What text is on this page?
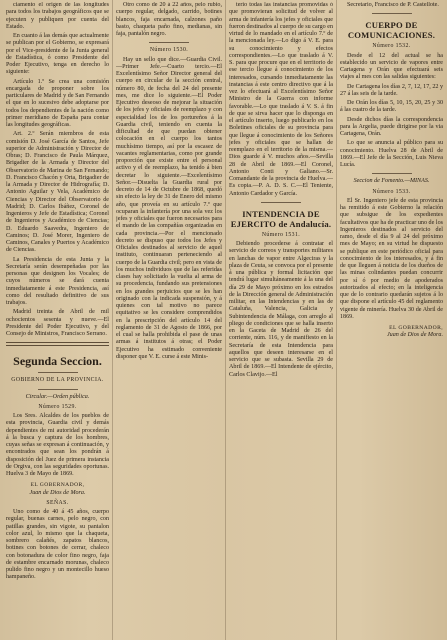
ciamento el origen de las longitudes para todos los trabajos geográficos que se ejecuten y publiquen por cuenta del Estado.

En cuanto á las demás que actualmente se publican por el Gobierno, se expresará por el Vice-presidente de la Junta general de Estadística, ó como Presidente del Poder Ejecutivo, tenga en derecho lo siguiente:

Artículo 1.º Se crea una comisión encargada de proponer sobre los particulares de Madrid y de San Fernando el que en lo sucesivo debe adoptarse por todos los dependientes de la nación como primer meridiano de España para contar las longitudes geográficas.

Art. 2.º Serán miembros de esta comisión D. José García de Santos, Jefe superior de Administración y Director de Obras; D. Francisco de Paula Márquez, Brigadier de la Armada y Director del Observatorio de Marina de San Fernando; D. Francisco Chacón y Orta, Brigadier de la Armada y Director de Hidrografía; D. Antonio Aguilar y Vela, Académico de Ciencias y Director del Observatorio de Madrid; D. Carlos Ibáñez, Coronel de Ingenieros y Jefe de Estadística; Coronel de Ingenieros y Académico de Ciencias; D. Eduardo Saavedra, Ingeniero de Caminos; D. José Morer, Ingeniero de Caminos, Canales y Puertos y Académico de Ciencias.

La Presidencia de esta Junta y la Secretaría serán desempeñadas por las personas que designen los Vocales; de cuyos números se dará cuenta inmediatamente á este Presidencia, así como del resultado definitivo de sus trabajos.

Madrid treinta de Abril de mil ochocientos sesenta y nueve.—El Presidente del Poder Ejecutivo, y del Consejo de Ministros, Francisco Serrano.

Segunda Seccion.
GOBIERNO DE LA PROVINCIA.
Circular.—Orden pública.
Número 1529.

Los Sres. Alcaldes de los pueblos de esta provincia, Guardia civil y demás dependientes de mi autoridad procederán á la busca y captura de los hombres, cuyas señas se expresan á continuación, y encontrados que sean los pondrán á disposición del Juez de primera instancia de Orgiva, con las seguridades oportunas. Huelva 3 de Mayo de 1869.

EL GOBERNADOR,
Juan de Dios de Mora.
SEÑAS.

Uno como de 40 á 45 años, cuerpo regular, buenas carnes, pelo negro, con patillas grandes, sin vigote, su pantalon color azul, lo mismo que la chaqueta, sombrero calañés, zapatos blancos, botines con botones de cerrar, chaleco con botonadura de color fino negro, faja de estambre encarnado morunas, chaleco pulido fino negro y un montecillo hueso hampaneño.

Otro como de 20 á 22 años, pelo rubio, cuerpo regular, delgado, carrido, botines blancos, faja encarnada, calzones paño basto, chaqueta paño fino, medianas, sin faja, pantalón negro.

Número 1530.

Hay un sello que dice.—Guardia Civil.—Primer Jefe.—Cuarto tercio.—El Excelentísimo Señor Director general del cuerpo en circular de la sección central, número 80, de fecha del 24 del presente mes, me dice lo siguiente.—El Poder Ejecutivo deseoso de mejorar la situación de los jefes y oficiales de reemplazo y con especialidad los de los portureños á la Guardia civil, teniendo en cuenta la dificultad de que puedan obtener colocación en el cuerpo los tantos muchísimo tiempo, así por la escasez de vacantes reglamentarias, como por grande proporción que existe entre el personal activo y el de reemplazo, ha tenido á bien decretar lo siguiente.—Excelentísimo Señor.—Disuelta la Guardia rural por decreto de 14 de Octubre de 1868, quedó sin efecto la ley de 31 de Enero del mismo año, que proveía en su artículo 7.º que ocuparan la infantería por una sola vez los jefes y oficiales que fueron necesarios para el mando de las compañías organizadas en cada provincia.—Por el mencionado decreto se dispuso que todos los Jefes y Oficiales destinados al servicio de aquel instituto, continuaran perteneciendo al cuerpo de la Guardia civil; pero en vista de los muchos individuos que de las referidas clases hay solicitado la vuelta al arma de su procedencia, fundando sus pretensiones en los grandes perjuicios que se les han originado con la indicada suspensión, y á quienes con tal motivo no parece equitativo se les considere comprendidos en la prescripción del artículo 14 del reglamento de 31 de Agosto de 1866, por el cual se halla prohibida el pase de unas armas á institutos á otras; el Poder Ejecutivo ha estimado conveniente disponer que V. E. curse á este Minis-

terio todas las instancias promovidas ó que promovieran solicitud de volver al arma de infantería los jefes y oficiales que fueron destinados al cuerpo de su cargo en virtud de lo mandado en el artículo 7.º de la mencionada ley.—Lo digo á V. E. para su conocimiento y efectos correspondientes.—Lo que traslado á V. S. para que procure que en el territorio de ese tercio llegue á conocimiento de los interesados, cursando inmediatamente las instancias á este centro directivo que á la vez lo efectuará al Excelentísimo Señor Ministro de la Guerra con informe favorable.—Lo que traslado á V. S. á fin de que se sirva hacer que lo disponga en el artículo inserto, luego publicarlo en los Boletines oficiales de su provincia para que llegue á conocimiento de los Señores jefes y oficiales que se hallan de reemplazo en el territorio de la misma.—Dios guarde á V. muchos años.—Sevilla 28 de Abril de 1869.—El Coronel, Antonio Conti y Galiano.—Sr. Comandante de la provincia de Huelva.—Es copia.—P. A. D. S. C.—El Teniente, Antonio Cardador y García.

INTENDENCIA DE EJERCITO de Andalucía.
Número 1531.

Debiendo procederse á contratar el servicio de correos y transportes militares en lanchas de vapor entre Algeciras y la plaza de Ceuta, se convoca por el presente á una pública y formal licitación que tendrá lugar simultáneamente á la una del día 29 de Mayo próximo en los estrados de la Dirección general de Administración militar, en las Intendencias y en las de Cataluña, Valencia, Galicia y Subintendencia de Málaga, con arreglo al pliego de condiciones que se halla inserto en la Gaceta de Madrid de 26 del corriente, núm. 116, y de manifiesto en la Secretaría de esta Intendencia para aquellos que deseen interesarse en el servicio que se subasta. Sevilla 29 de Abril de 1869.—El Intendente de ejército, Carlos Clavijo.—El

Secretario, Francisco de P. Castellote.

CUERPO DE COMUNICACIONES.
Número 1532.

Desde el 12 del actual se ha establecido un servicio de vapores entre Cartagena y Orán que efectuará seis viajes al mes con las salidas siguientes:

De Cartagena los días 2, 7, 12, 17, 22 y 27 á las seis de la tarde.

De Orán los días 5, 10, 15, 20, 25 y 30 á las cuatro de la tarde.

Desde dichos días la correspondencia para la Argelia, puede dirigirse por la via Cartagena, Orán.

Lo que se anuncia al público para su conocimiento. Huelva 28 de Abril de 1869.—El Jefe de la Sección, Luis Nieva Lucía.

Seccion de Fomento.—MINAS.
Número 1533.

El Sr. Ingeniero jefe de esta provincia ha remitido á este Gobierno la relación que subsigue de los expedientes facultativos que ha de practicar uno de los Ingenieros destinados al servicio del ramo, desde el día 9 al 24 del próximo mes de Mayo; en su virtud he dispuesto se publique en este periódico oficial para conocimiento de los interesados, y á fin de que lleguen á noticia de los dueños de las minas colindantes puedan concurrir por sí ó por medio de apoderados autorizados al efecto; en la inteligencia que de lo contrario quedarán sujetos á lo que dispone el artículo 45 del reglamento vigente de minería. Huelva 30 de Abril de 1869.

EL GOBERNADOR,
Juan de Dios de Mora.
